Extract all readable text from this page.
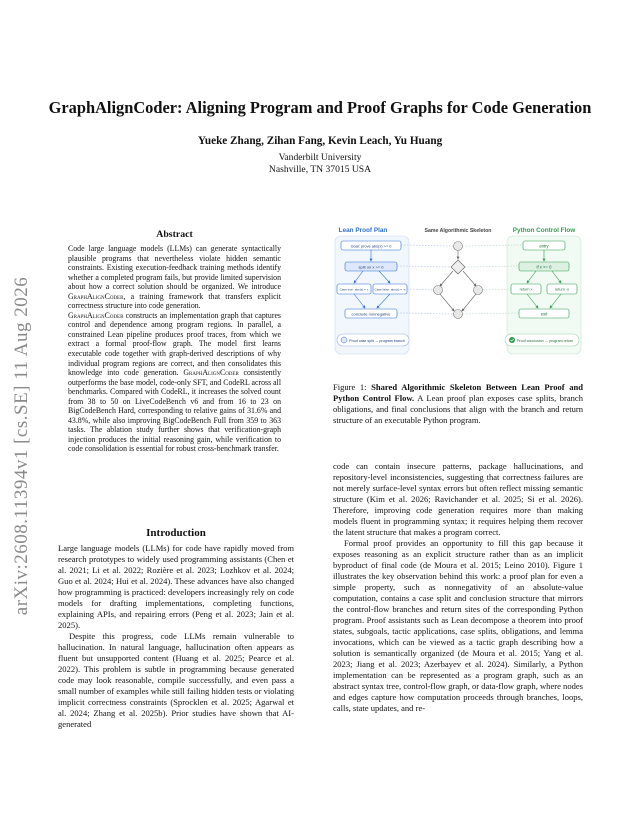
arXiv:2608.11394v1 [cs.SE] 11 Aug 2026
GraphAlignCoder: Aligning Program and Proof Graphs for Code Generation
Yueke Zhang, Zihan Fang, Kevin Leach, Yu Huang
Vanderbilt University
Nashville, TN 37015 USA
Abstract

Code large language models (LLMs) can generate syntactically plausible programs that nevertheless violate hidden semantic constraints. Existing execution-feedback training methods identify whether a completed program fails, but provide limited supervision about how a correct solution should be organized. We introduce GraphAlignCoder, a training framework that transfers explicit correctness structure into code generation.

GraphAlignCoder constructs an implementation graph that captures control and dependence among program regions. In parallel, a constrained Lean pipeline produces proof traces, from which we extract a formal proof-flow graph. The model first learns executable code together with graph-derived descriptions of why individual program regions are correct, and then consolidates this knowledge into code generation. GraphAlignCoder consistently outperforms the base model, code-only SFT, and CodeRL across all benchmarks. Compared with CodeRL, it increases the solved count from 38 to 50 on LiveCodeBench v6 and from 16 to 23 on BigCodeBench Hard, corresponding to relative gains of 31.6% and 43.8%, while also improving BigCodeBench Full from 359 to 363 tasks. The ablation study further shows that verification-graph injection produces the initial reasoning gain, while verification to code consolidation is essential for robust cross-benchmark transfer.

Introduction

Large language models (LLMs) for code have rapidly moved from research prototypes to widely used programming assistants (Chen et al. 2021; Li et al. 2022; Rozière et al. 2023; Lozhkov et al. 2024; Guo et al. 2024; Hui et al. 2024). These advances have also changed how programming is practiced: developers increasingly rely on code models for drafting implementations, completing functions, explaining APIs, and repairing errors (Peng et al. 2023; Jain et al. 2025).

Despite this progress, code LLMs remain vulnerable to hallucination. In natural language, hallucination often appears as fluent but unsupported content (Huang et al. 2025; Pearce et al. 2022). This problem is subtle in programming because generated code may look reasonable, compile successfully, and even pass a small number of examples while still failing hidden tests or violating implicit correctness constraints (Sprocklen et al. 2025; Agarwal et al. 2024; Zhang et al. 2025b). Prior studies have shown that AI-generated

Lean Proof Plan	Same Algorithmic Skeleton	Python Control Flow
Goal: prove abs(x) >= 0
split on x >= 0
Case true: abs(x) = x Case false: abs(x) = -x
conclude nonnegative
entry
if x >= 0
return x	return -x
exit
Proof case split ↔ program branch	Proof conclusion ↔ program return
Figure 1: Shared Algorithmic Skeleton Between Lean Proof and Python Control Flow. A Lean proof plan exposes case splits, branch obligations, and final conclusions that align with the branch and return structure of an executable Python program.

code can contain insecure patterns, package hallucinations, and repository-level inconsistencies, suggesting that correctness failures are not merely surface-level syntax errors but often reflect missing semantic structure (Kim et al. 2026; Ravichander et al. 2025; Si et al. 2026). Therefore, improving code generation requires more than making models fluent in programming syntax; it requires helping them recover the latent structure that makes a program correct.

Formal proof provides an opportunity to fill this gap because it exposes reasoning as an explicit structure rather than as an implicit byproduct of final code (de Moura et al. 2015; Leino 2010). Figure 1 illustrates the key observation behind this work: a proof plan for even a simple property, such as nonnegativity of an absolute-value computation, contains a case split and conclusion structure that mirrors the control-flow branches and return sites of the corresponding Python program. Proof assistants such as Lean decompose a theorem into proof states, subgoals, tactic applications, case splits, obligations, and lemma invocations, which can be viewed as a tactic graph describing how a solution is semantically organized (de Moura et al. 2015; Yang et al. 2023; Jiang et al. 2023; Azerbayev et al. 2024). Similarly, a Python implementation can be represented as a program graph, such as an abstract syntax tree, control-flow graph, or data-flow graph, where nodes and edges capture how computation proceeds through branches, loops, calls, state updates, and re-
